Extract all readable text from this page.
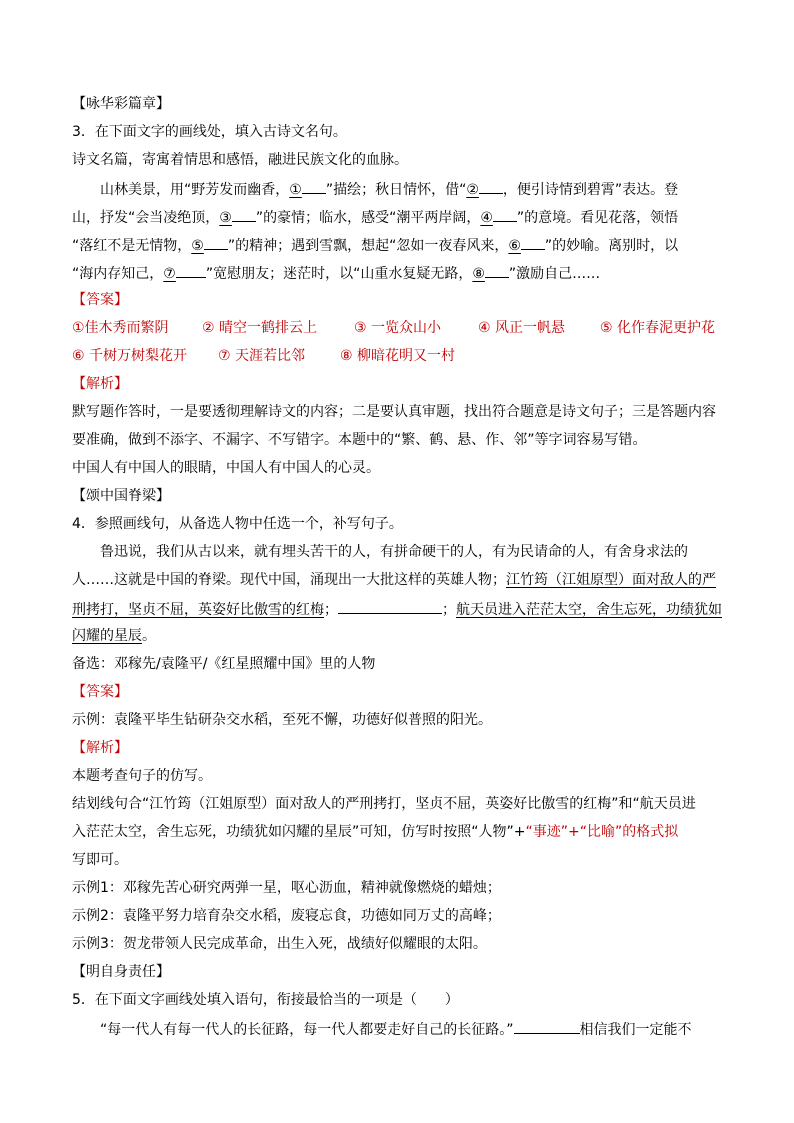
【咏华彩篇章】
3．在下面文字的画线处，填入古诗文名句。
诗文名篇，寄寓着情思和感悟，融进民族文化的血脉。
山林美景，用“野芳发而幽香，① ”描绘；秋日情怀，借“② ，便引诗情到碧霄”表达。登
山，抒发“会当凌绝顶，③ ”的豪情；临水，感受“潮平两岸阔，④ ”的意境。看见花落，领悟
“落红不是无情物，⑤ ”的精神；遇到雪飘，想起“忽如一夜春风来，⑥ ”的妙喻。离别时，以
“海内存知己，⑦ ”宽慰朋友；迷茫时，以“山重水复疑无路，⑧ ”激励自己……
【答案】
①佳木秀而繁阴 ② 晴空一鹤排云上	③ 一览众山小	④ 风正一帆悬 ⑤ 化作春泥更护花
⑥ 千树万树梨花开 ⑦ 天涯若比邻 ⑧ 柳暗花明又一村
【解析】
默写题作答时，一是要透彻理解诗文的内容；二是要认真审题，找出符合题意是诗文句子；三是答题内容
要准确，做到不添字、不漏字、不写错字。本题中的“繁、鹤、悬、作、邻”等字词容易写错。
中国人有中国人的眼睛，中国人有中国人的心灵。
【颂中国脊梁】
4．参照画线句，从备选人物中任选一个，补写句子。
鲁迅说，我们从古以来，就有埋头苦干的人，有拼命硬干的人，有为民请命的人，有舍身求法的
人……这就是中国的脊梁。现代中国，涌现出一大批这样的英雄人物；江竹筠（江姐原型）面对敌人的严
刑拷打，坚贞不屈，英姿好比傲雪的红梅；	；航天员进入茫茫太空，舍生忘死，功绩犹如
闪耀的星辰。
备选：邓稼先/袁隆平/《红星照耀中国》里的人物
【答案】
示例：袁隆平毕生钻研杂交水稻，至死不懈，功德好似普照的阳光。
【解析】
本题考查句子的仿写。
结划线句合“江竹筠（江姐原型）面对敌人的严刑拷打，坚贞不屈，英姿好比傲雪的红梅”和“航天员进
入茫茫太空，舍生忘死，功绩犹如闪耀的星辰”可知，仿写时按照“人物”+“事迹”+“比喻”的格式拟
写即可。
示例1：邓稼先苦心研究两弹一星，呕心沥血，精神就像燃烧的蜡烛；
示例2：袁隆平努力培育杂交水稻，废寝忘食，功德如同万丈的高峰；
示例3：贺龙带领人民完成革命，出生入死，战绩好似耀眼的太阳。
【明自身责任】
5．在下面文字画线处填入语句，衔接最恰当的一项是（　　）
“每一代人有每一代人的长征路，每一代人都要走好自己的长征路。”	相信我们一定能不
